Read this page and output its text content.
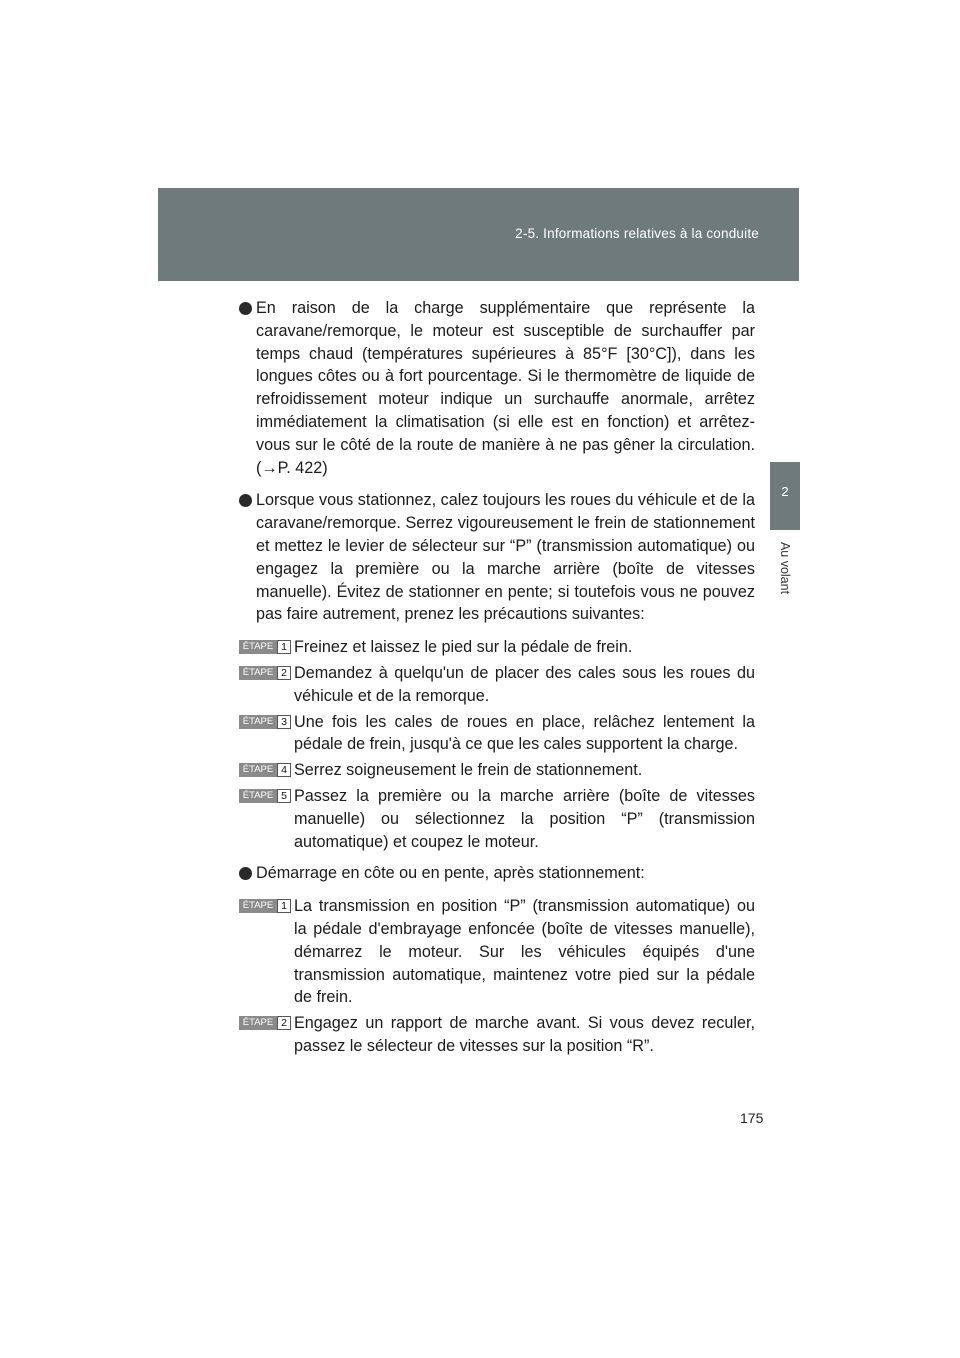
2-5. Informations relatives à la conduite
2
Au volant
En raison de la charge supplémentaire que représente la caravane/remorque, le moteur est susceptible de surchauffer par temps chaud (températures supérieures à 85°F [30°C]), dans les longues côtes ou à fort pourcentage. Si le thermomètre de liquide de refroidissement moteur indique un surchauffe anormale, arrêtez immédiatement la climatisation (si elle est en fonction) et arrêtez-vous sur le côté de la route de manière à ne pas gêner la circulation. (→P. 422)
Lorsque vous stationnez, calez toujours les roues du véhicule et de la caravane/remorque. Serrez vigoureusement le frein de stationnement et mettez le levier de sélecteur sur “P” (transmission automatique) ou engagez la première ou la marche arrière (boîte de vitesses manuelle). Évitez de stationner en pente; si toutefois vous ne pouvez pas faire autrement, prenez les précautions suivantes:
ÉTAPE 1 Freinez et laissez le pied sur la pédale de frein.
ÉTAPE 2 Demandez à quelqu'un de placer des cales sous les roues du véhicule et de la remorque.
ÉTAPE 3 Une fois les cales de roues en place, relâchez lentement la pédale de frein, jusqu'à ce que les cales supportent la charge.
ÉTAPE 4 Serrez soigneusement le frein de stationnement.
ÉTAPE 5 Passez la première ou la marche arrière (boîte de vitesses manuelle) ou sélectionnez la position “P” (transmission automatique) et coupez le moteur.
Démarrage en côte ou en pente, après stationnement:
ÉTAPE 1 La transmission en position “P” (transmission automatique) ou la pédale d'embrayage enfoncée (boîte de vitesses manuelle), démarrez le moteur. Sur les véhicules équipés d'une transmission automatique, maintenez votre pied sur la pédale de frein.
ÉTAPE 2 Engagez un rapport de marche avant. Si vous devez reculer, passez le sélecteur de vitesses sur la position “R”.
175
